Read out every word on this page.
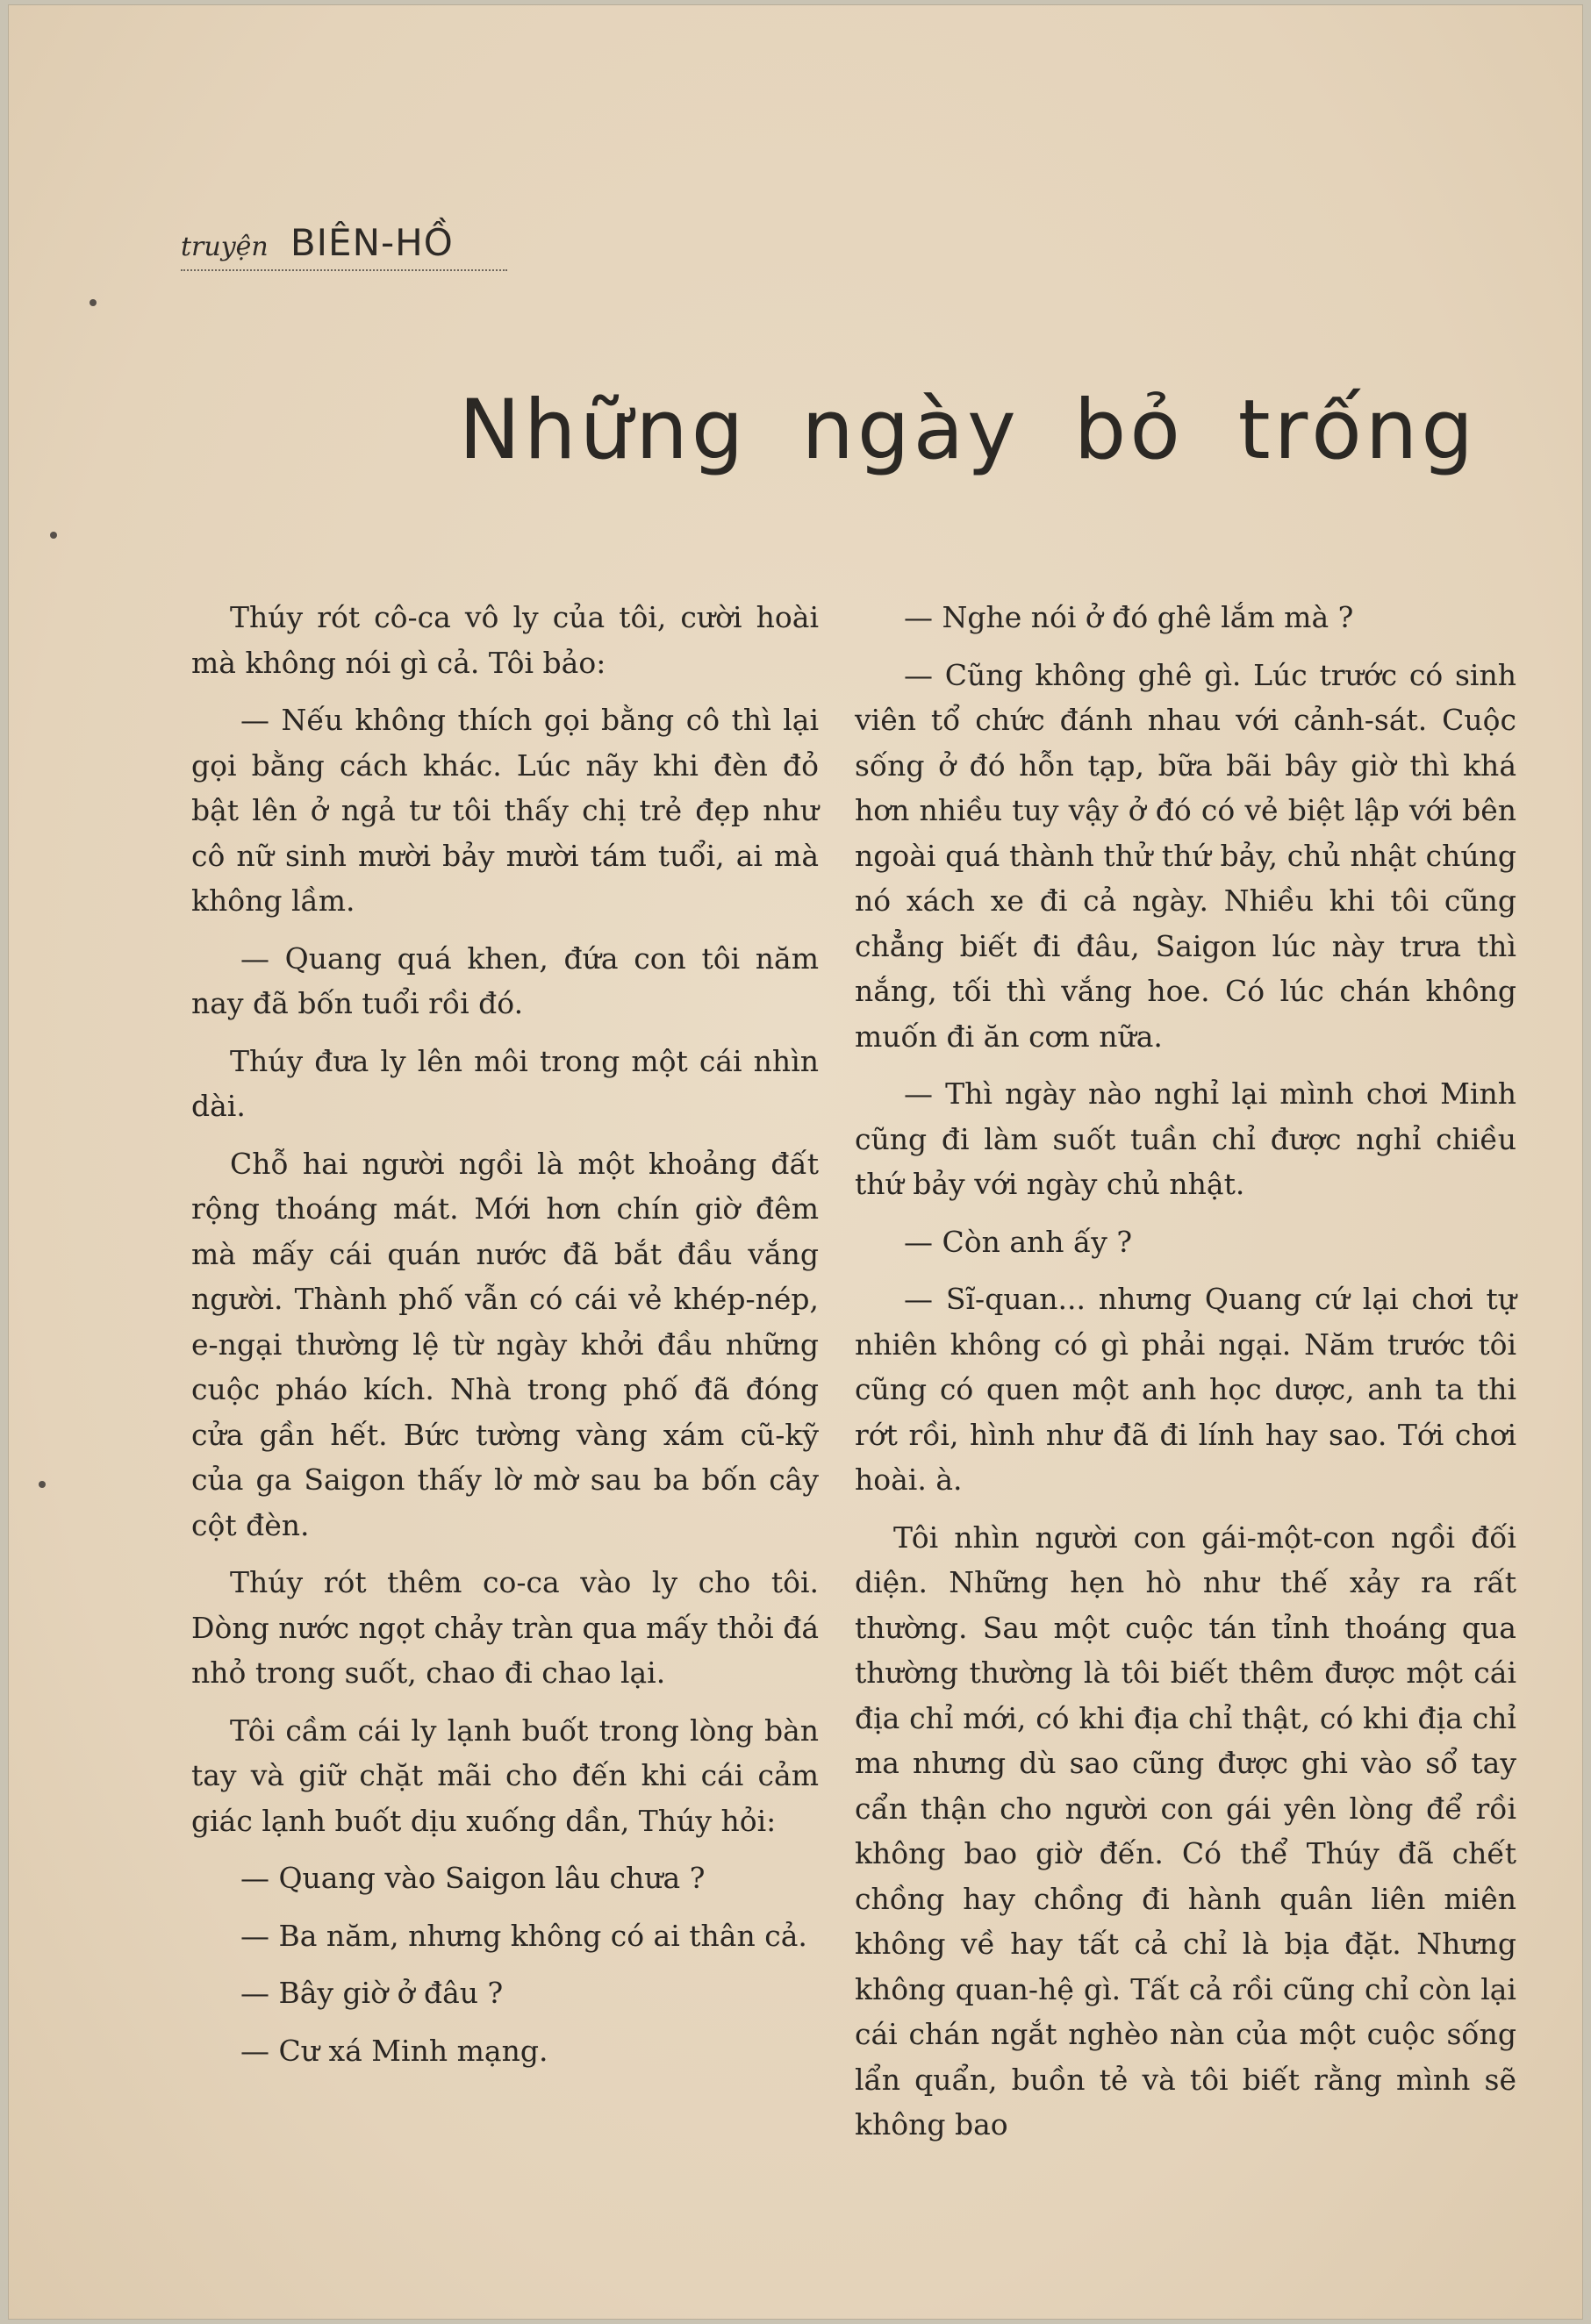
truyện BIÊN-HỒ
Những ngày bỏ trống

Thúy rót cô-ca vô ly của tôi, cười hoài mà không nói gì cả. Tôi bảo:

— Nếu không thích gọi bằng cô thì lại gọi bằng cách khác. Lúc nãy khi đèn đỏ bật lên ở ngả tư tôi thấy chị trẻ đẹp như cô nữ sinh mười bảy mười tám tuổi, ai mà không lầm.

— Quang quá khen, đứa con tôi năm nay đã bốn tuổi rồi đó.

Thúy đưa ly lên môi trong một cái nhìn dài.

Chỗ hai người ngồi là một khoảng đất rộng thoáng mát. Mới hơn chín giờ đêm mà mấy cái quán nước đã bắt đầu vắng người. Thành phố vẫn có cái vẻ khép-nép, e-ngại thường lệ từ ngày khởi đầu những cuộc pháo kích. Nhà trong phố đã đóng cửa gần hết. Bức tường vàng xám cũ-kỹ của ga Saigon thấy lờ mờ sau ba bốn cây cột đèn.

Thúy rót thêm co-ca vào ly cho tôi. Dòng nước ngọt chảy tràn qua mấy thỏi đá nhỏ trong suốt, chao đi chao lại.

Tôi cầm cái ly lạnh buốt trong lòng bàn tay và giữ chặt mãi cho đến khi cái cảm giác lạnh buốt dịu xuống dần, Thúy hỏi:

— Quang vào Saigon lâu chưa ?

— Ba năm, nhưng không có ai thân cả.

— Bây giờ ở đâu ?

— Cư xá Minh mạng.

— Nghe nói ở đó ghê lắm mà ?

— Cũng không ghê gì. Lúc trước có sinh viên tổ chức đánh nhau với cảnh-sát. Cuộc sống ở đó hỗn tạp, bữa bãi bây giờ thì khá hơn nhiều tuy vậy ở đó có vẻ biệt lập với bên ngoài quá thành thử thứ bảy, chủ nhật chúng nó xách xe đi cả ngày. Nhiều khi tôi cũng chẳng biết đi đâu, Saigon lúc này trưa thì nắng, tối thì vắng hoe. Có lúc chán không muốn đi ăn cơm nữa.

— Thì ngày nào nghỉ lại mình chơi Minh cũng đi làm suốt tuần chỉ được nghỉ chiều thứ bảy với ngày chủ nhật.

— Còn anh ấy ?

— Sĩ-quan... nhưng Quang cứ lại chơi tự nhiên không có gì phải ngại. Năm trước tôi cũng có quen một anh học dược, anh ta thi rớt rồi, hình như đã đi lính hay sao. Tới chơi hoài. à.

Tôi nhìn người con gái-một-con ngồi đối diện. Những hẹn hò như thế xảy ra rất thường. Sau một cuộc tán tỉnh thoáng qua thường thường là tôi biết thêm được một cái địa chỉ mới, có khi địa chỉ thật, có khi địa chỉ ma nhưng dù sao cũng được ghi vào sổ tay cẩn thận cho người con gái yên lòng để rồi không bao giờ đến. Có thể Thúy đã chết chồng hay chồng đi hành quân liên miên không về hay tất cả chỉ là bịa đặt. Nhưng không quan-hệ gì. Tất cả rồi cũng chỉ còn lại cái chán ngắt nghèo nàn của một cuộc sống lẩn quẩn, buồn tẻ và tôi biết rằng mình sẽ không bao
